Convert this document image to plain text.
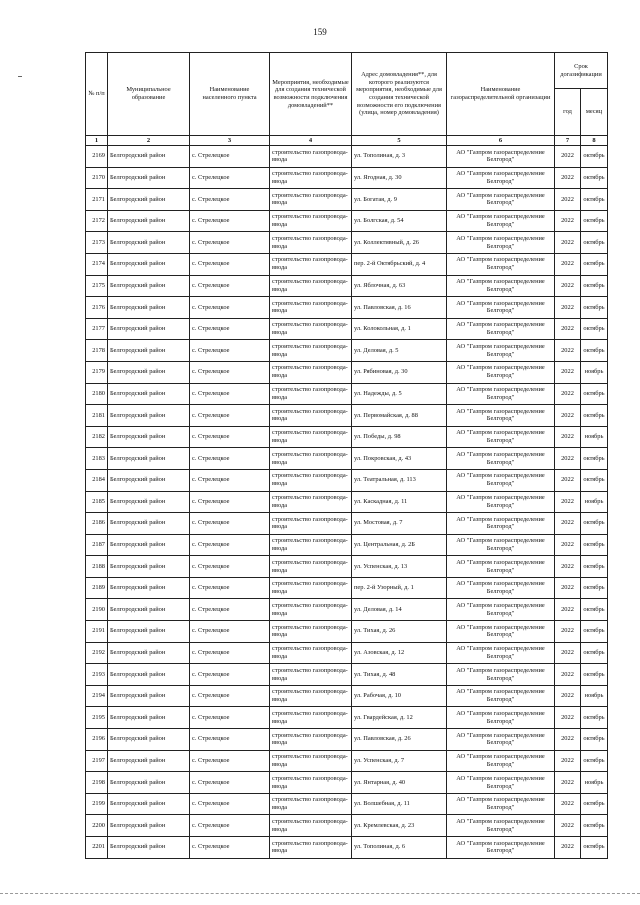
159
№ п/п	Муниципальное образование	Наименование населенного пункта	Мероприятия, необходимые для создания технической возможности подключения домовладений**	Адрес домовладения**, для которого реализуются мероприятия, необходимые для создания технической возможности его подключения (улица, номер домовладения)	Наименование газораспределительной организации	Срок догазификации	
						год	месяц
1	2	3	4	5	6	7	8
2169	Белгородский район	с. Стрелецкое	строительство газопровода-ввода	ул. Тополиная, д. 3	АО "Газпром газораспределение Белгород"	2022	октябрь
2170	Белгородский район	с. Стрелецкое	строительство газопровода-ввода	ул. Ягодная, д. 30	АО "Газпром газораспределение Белгород"	2022	октябрь
2171	Белгородский район	с. Стрелецкое	строительство газопровода-ввода	ул. Богатая, д. 9	АО "Газпром газораспределение Белгород"	2022	октябрь
2172	Белгородский район	с. Стрелецкое	строительство газопровода-ввода	ул. Болгская, д. 54	АО "Газпром газораспределение Белгород"	2022	октябрь
2173	Белгородский район	с. Стрелецкое	строительство газопровода-ввода	ул. Коллективный, д. 26	АО "Газпром газораспределение Белгород"	2022	октябрь
2174	Белгородский район	с. Стрелецкое	строительство газопровода-ввода	пер. 2-й Октябрьский, д. 4	АО "Газпром газораспределение Белгород"	2022	октябрь
2175	Белгородский район	с. Стрелецкое	строительство газопровода-ввода	ул. Яблочная, д. 63	АО "Газпром газораспределение Белгород"	2022	октябрь
2176	Белгородский район	с. Стрелецкое	строительство газопровода-ввода	ул. Павловская, д. 16	АО "Газпром газораспределение Белгород"	2022	октябрь
2177	Белгородский район	с. Стрелецкое	строительство газопровода-ввода	ул. Колокольная, д. 1	АО "Газпром газораспределение Белгород"	2022	октябрь
2178	Белгородский район	с. Стрелецкое	строительство газопровода-ввода	ул. Деловая, д. 5	АО "Газпром газораспределение Белгород"	2022	октябрь
2179	Белгородский район	с. Стрелецкое	строительство газопровода-ввода	ул. Рябиновая, д. 30	АО "Газпром газораспределение Белгород"	2022	ноябрь
2180	Белгородский район	с. Стрелецкое	строительство газопровода-ввода	ул. Надежды, д. 5	АО "Газпром газораспределение Белгород"	2022	октябрь
2181	Белгородский район	с. Стрелецкое	строительство газопровода-ввода	ул. Первомайская, д. 88	АО "Газпром газораспределение Белгород"	2022	октябрь
2182	Белгородский район	с. Стрелецкое	строительство газопровода-ввода	ул. Победы, д. 98	АО "Газпром газораспределение Белгород"	2022	ноябрь
2183	Белгородский район	с. Стрелецкое	строительство газопровода-ввода	ул. Покровская, д. 43	АО "Газпром газораспределение Белгород"	2022	октябрь
2184	Белгородский район	с. Стрелецкое	строительство газопровода-ввода	ул. Театральная, д. 113	АО "Газпром газораспределение Белгород"	2022	октябрь
2185	Белгородский район	с. Стрелецкое	строительство газопровода-ввода	ул. Каскадная, д. 11	АО "Газпром газораспределение Белгород"	2022	ноябрь
2186	Белгородский район	с. Стрелецкое	строительство газопровода-ввода	ул. Мостовая, д. 7	АО "Газпром газораспределение Белгород"	2022	октябрь
2187	Белгородский район	с. Стрелецкое	строительство газопровода-ввода	ул. Центральная, д. 2Б	АО "Газпром газораспределение Белгород"	2022	октябрь
2188	Белгородский район	с. Стрелецкое	строительство газопровода-ввода	ул. Успенская, д. 13	АО "Газпром газораспределение Белгород"	2022	октябрь
2189	Белгородский район	с. Стрелецкое	строительство газопровода-ввода	пер. 2-й Узорный, д. 1	АО "Газпром газораспределение Белгород"	2022	октябрь
2190	Белгородский район	с. Стрелецкое	строительство газопровода-ввода	ул. Деловая, д. 14	АО "Газпром газораспределение Белгород"	2022	октябрь
2191	Белгородский район	с. Стрелецкое	строительство газопровода-ввода	ул. Тихая, д. 26	АО "Газпром газораспределение Белгород"	2022	октябрь
2192	Белгородский район	с. Стрелецкое	строительство газопровода-ввода	ул. Азовская, д. 12	АО "Газпром газораспределение Белгород"	2022	октябрь
2193	Белгородский район	с. Стрелецкое	строительство газопровода-ввода	ул. Тихая, д. 48	АО "Газпром газораспределение Белгород"	2022	октябрь
2194	Белгородский район	с. Стрелецкое	строительство газопровода-ввода	ул. Рабочая, д. 10	АО "Газпром газораспределение Белгород"	2022	ноябрь
2195	Белгородский район	с. Стрелецкое	строительство газопровода-ввода	ул. Гвардейская, д. 12	АО "Газпром газораспределение Белгород"	2022	октябрь
2196	Белгородский район	с. Стрелецкое	строительство газопровода-ввода	ул. Павловская, д. 26	АО "Газпром газораспределение Белгород"	2022	октябрь
2197	Белгородский район	с. Стрелецкое	строительство газопровода-ввода	ул. Успенская, д. 7	АО "Газпром газораспределение Белгород"	2022	октябрь
2198	Белгородский район	с. Стрелецкое	строительство газопровода-ввода	ул. Янтарная, д. 40	АО "Газпром газораспределение Белгород"	2022	ноябрь
2199	Белгородский район	с. Стрелецкое	строительство газопровода-ввода	ул. Волшебная, д. 11	АО "Газпром газораспределение Белгород"	2022	октябрь
2200	Белгородский район	с. Стрелецкое	строительство газопровода-ввода	ул. Кремлевская, д. 23	АО "Газпром газораспределение Белгород"	2022	октябрь
2201	Белгородский район	с. Стрелецкое	строительство газопровода-ввода	ул. Тополиная, д. 6	АО "Газпром газораспределение Белгород"	2022	октябрь
